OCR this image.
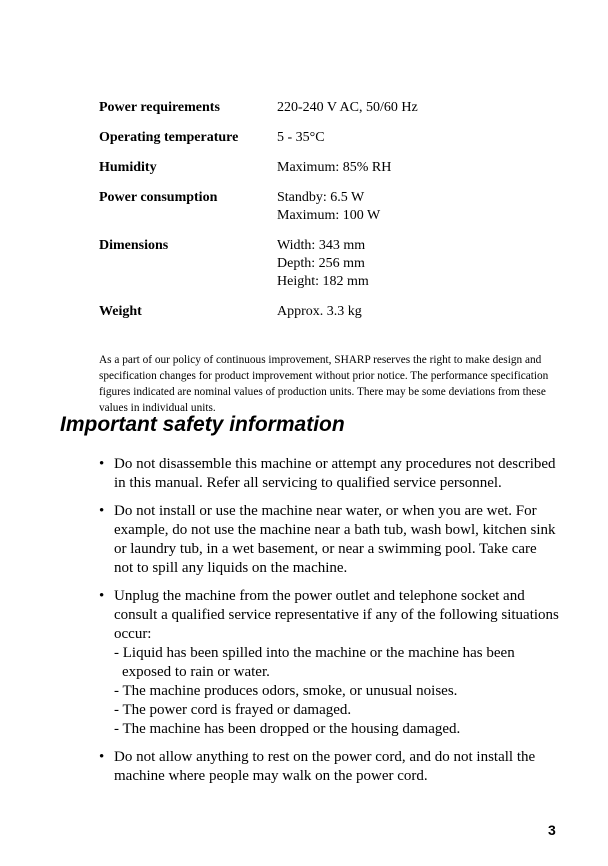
Power requirements	220-240 V AC, 50/60 Hz
Operating temperature	5 - 35°C
Humidity	Maximum: 85% RH
Power consumption	Standby: 6.5 W
Maximum: 100 W
Dimensions	Width: 343 mm
Depth: 256 mm
Height: 182 mm
Weight	Approx. 3.3 kg

As a part of our policy of continuous improvement, SHARP reserves the right to make design and specification changes for product improvement without prior notice. The performance specification figures indicated are nominal values of production units. There may be some deviations from these values in individual units.

Important safety information
• Do not disassemble this machine or attempt any procedures not described in this manual. Refer all servicing to qualified service personnel.
• Do not install or use the machine near water, or when you are wet. For example, do not use the machine near a bath tub, wash bowl, kitchen sink or laundry tub, in a wet basement, or near a swimming pool. Take care not to spill any liquids on the machine.
• Unplug the machine from the power outlet and telephone socket and consult a qualified service representative if any of the following situations occur:
- Liquid has been spilled into the machine or the machine has been exposed to rain or water.
- The machine produces odors, smoke, or unusual noises.
- The power cord is frayed or damaged.
- The machine has been dropped or the housing damaged.
• Do not allow anything to rest on the power cord, and do not install the machine where people may walk on the power cord.
3
